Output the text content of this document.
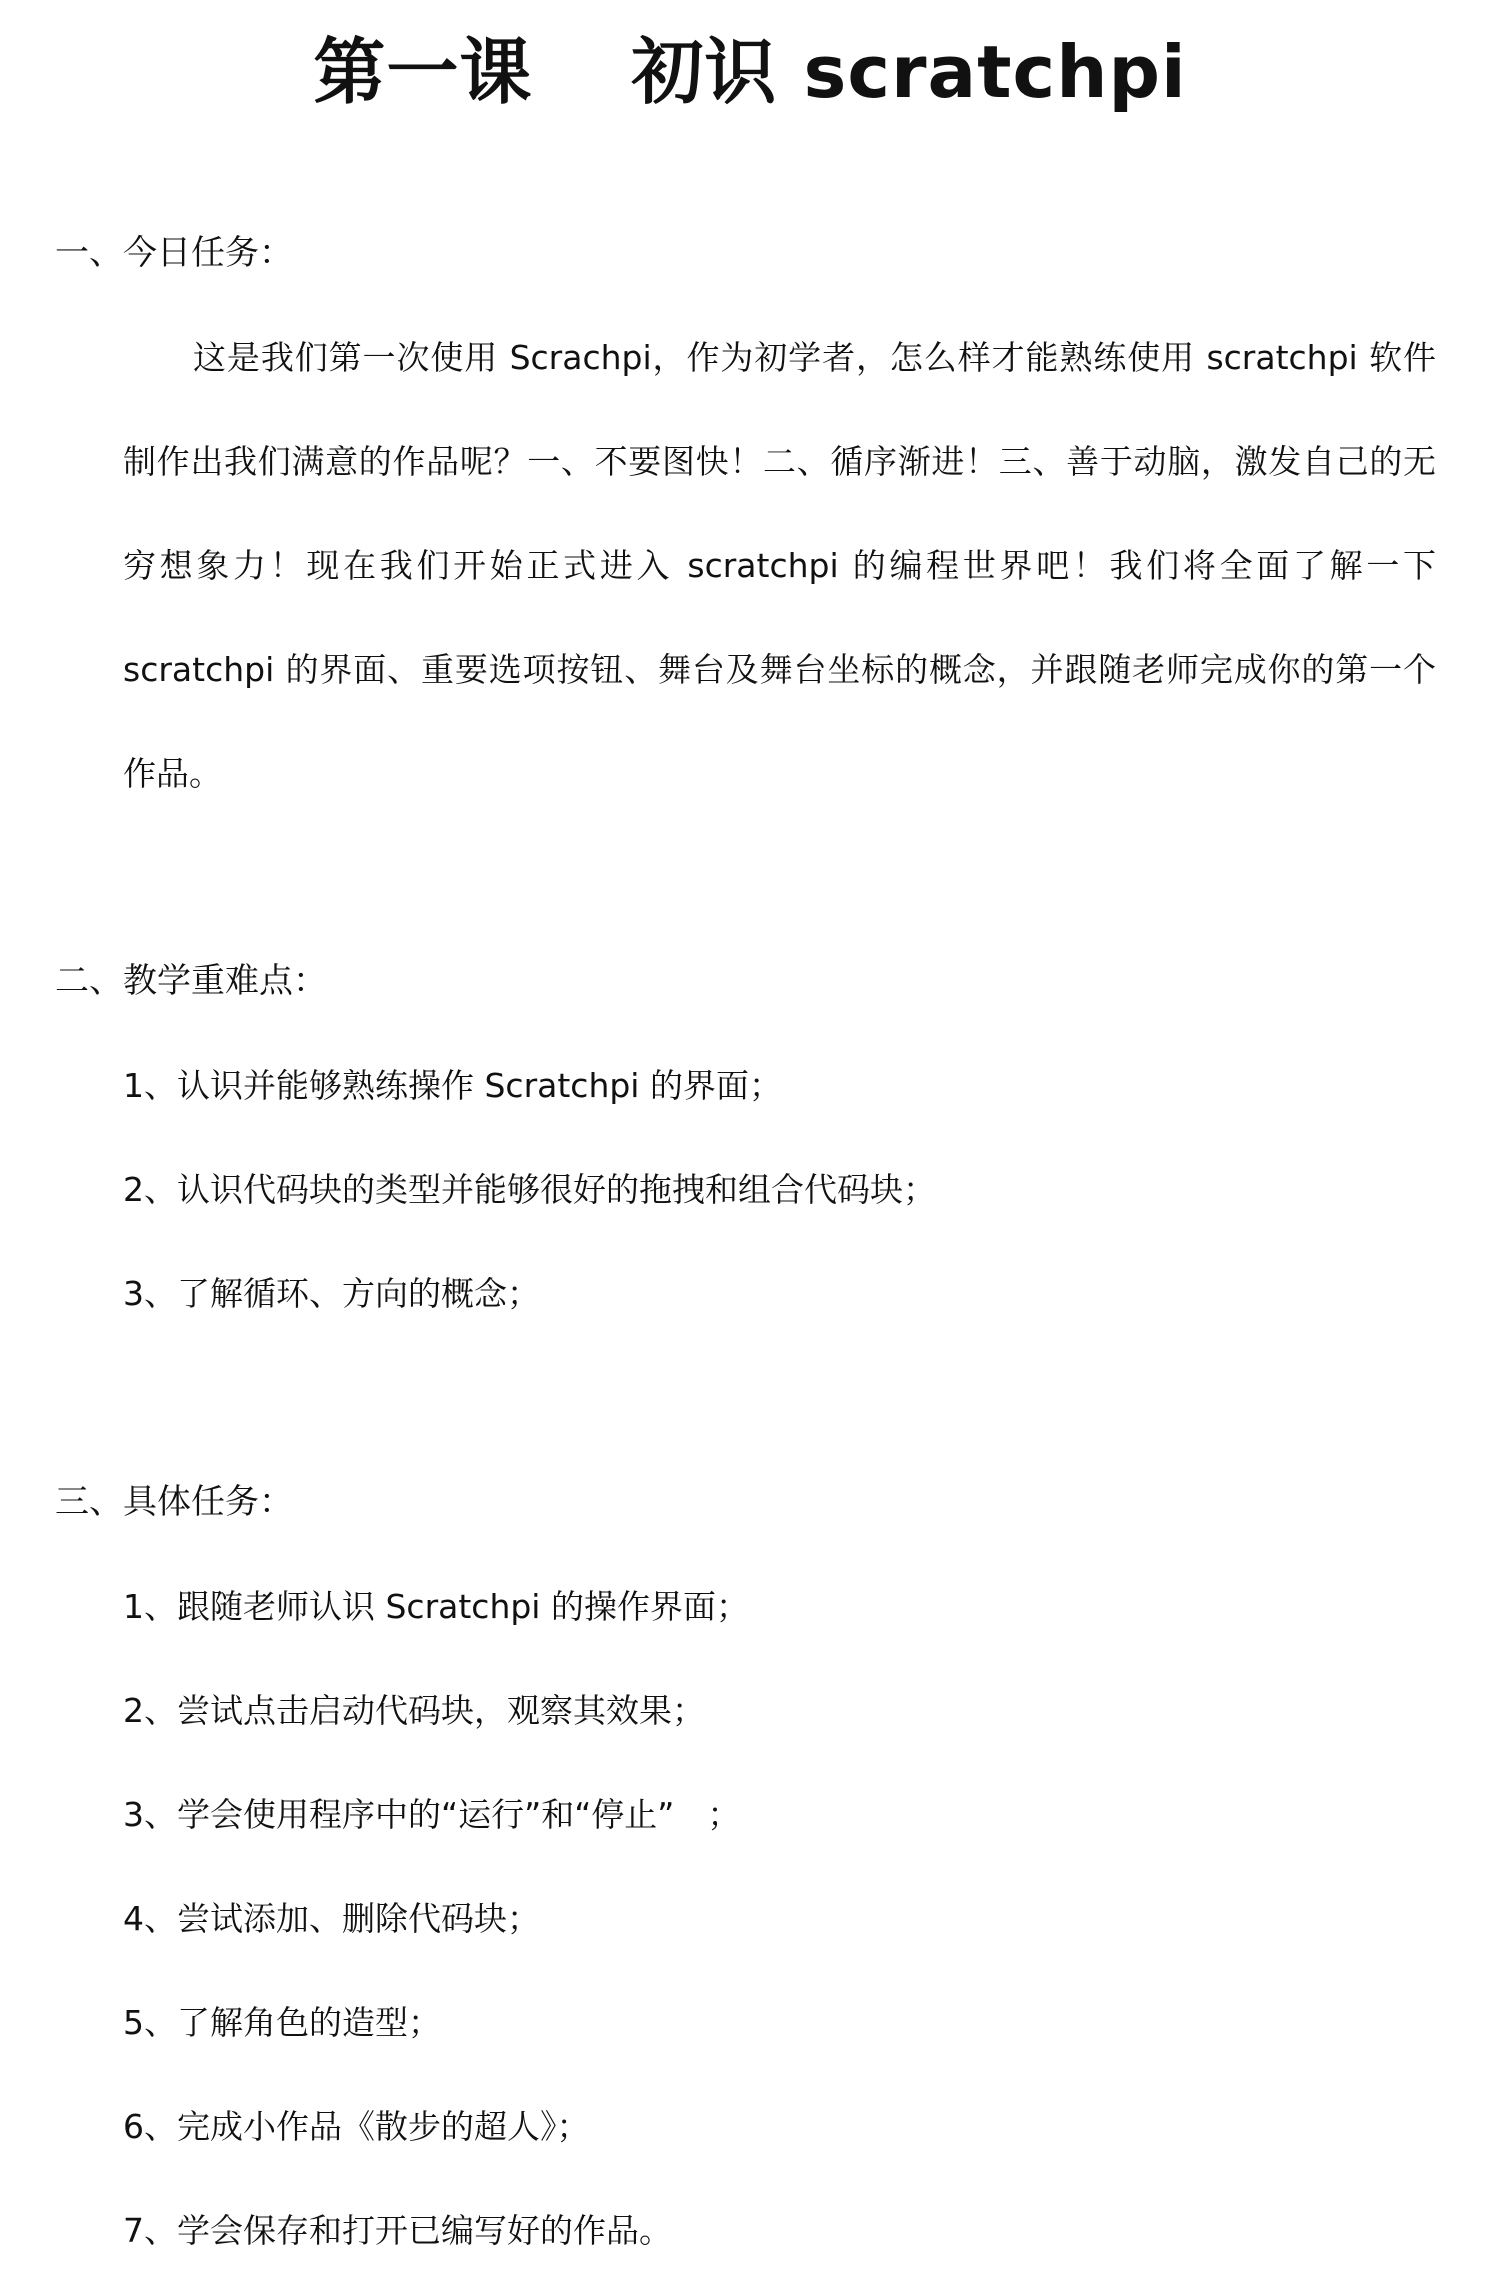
第一课　 初识 scratchpi
一、今日任务：

这是我们第一次使用 Scrachpi，作为初学者，怎么样才能熟练使用 scratchpi 软件制作出我们满意的作品呢？一、不要图快！二、循序渐进！三、善于动脑，激发自己的无穷想象力！现在我们开始正式进入 scratchpi 的编程世界吧！我们将全面了解一下 scratchpi 的界面、重要选项按钮、舞台及舞台坐标的概念，并跟随老师完成你的第一个作品。

二、教学重难点：
1、认识并能够熟练操作 Scratchpi 的界面；
2、认识代码块的类型并能够很好的拖拽和组合代码块；
3、了解循环、方向的概念；
三、具体任务：
1、跟随老师认识 Scratchpi 的操作界面；
2、尝试点击启动代码块，观察其效果；
3、学会使用程序中的“运行”和“停止”　；
4、尝试添加、删除代码块；
5、了解角色的造型；
6、完成小作品《散步的超人》；
7、学会保存和打开已编写好的作品。
